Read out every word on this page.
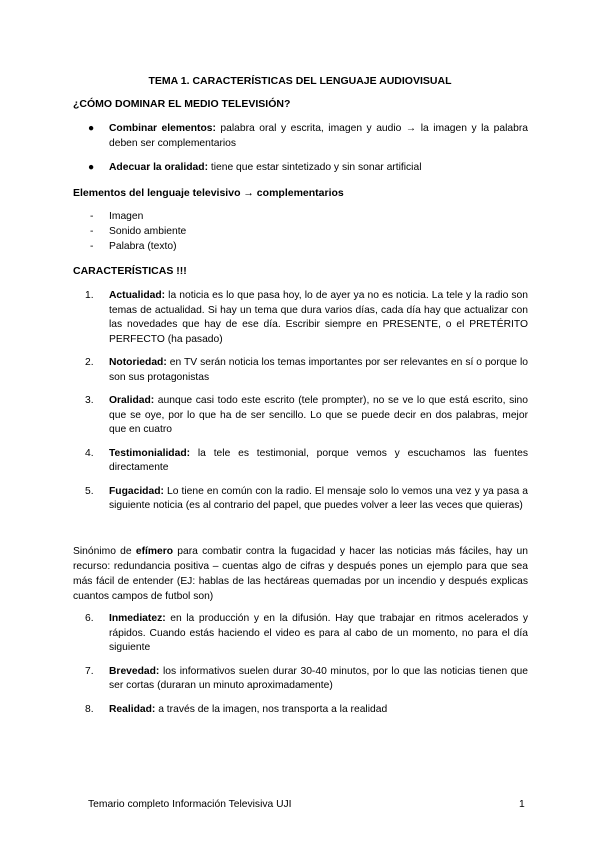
TEMA 1. CARACTERÍSTICAS DEL LENGUAJE AUDIOVISUAL
¿CÓMO DOMINAR EL MEDIO TELEVISIÓN?
● Combinar elementos: palabra oral y escrita, imagen y audio → la imagen y la palabra deben ser complementarios
● Adecuar la oralidad: tiene que estar sintetizado y sin sonar artificial
Elementos del lenguaje televisivo → complementarios
- Imagen
- Sonido ambiente
- Palabra (texto)
CARACTERÍSTICAS !!!
1. Actualidad: la noticia es lo que pasa hoy, lo de ayer ya no es noticia. La tele y la radio son temas de actualidad. Si hay un tema que dura varios días, cada día hay que actualizar con las novedades que hay de ese día. Escribir siempre en PRESENTE, o el PRETÉRITO PERFECTO (ha pasado)
2. Notoriedad: en TV serán noticia los temas importantes por ser relevantes en sí o porque lo son sus protagonistas
3. Oralidad: aunque casi todo este escrito (tele prompter), no se ve lo que está escrito, sino que se oye, por lo que ha de ser sencillo. Lo que se puede decir en dos palabras, mejor que en cuatro
4. Testimonialidad: la tele es testimonial, porque vemos y escuchamos las fuentes directamente
5. Fugacidad: Lo tiene en común con la radio. El mensaje solo lo vemos una vez y ya pasa a siguiente noticia (es al contrario del papel, que puedes volver a leer las veces que quieras)

Sinónimo de efímero para combatir contra la fugacidad y hacer las noticias más fáciles, hay un recurso: redundancia positiva – cuentas algo de cifras y después pones un ejemplo para que sea más fácil de entender (EJ: hablas de las hectáreas quemadas por un incendio y después explicas cuantos campos de futbol son)

6. Inmediatez: en la producción y en la difusión. Hay que trabajar en ritmos acelerados y rápidos. Cuando estás haciendo el video es para al cabo de un momento, no para el día siguiente
7. Brevedad: los informativos suelen durar 30-40 minutos, por lo que las noticias tienen que ser cortas (duraran un minuto aproximadamente)
8. Realidad: a través de la imagen, nos transporta a la realidad
Temario completo Información Televisiva UJI	1
